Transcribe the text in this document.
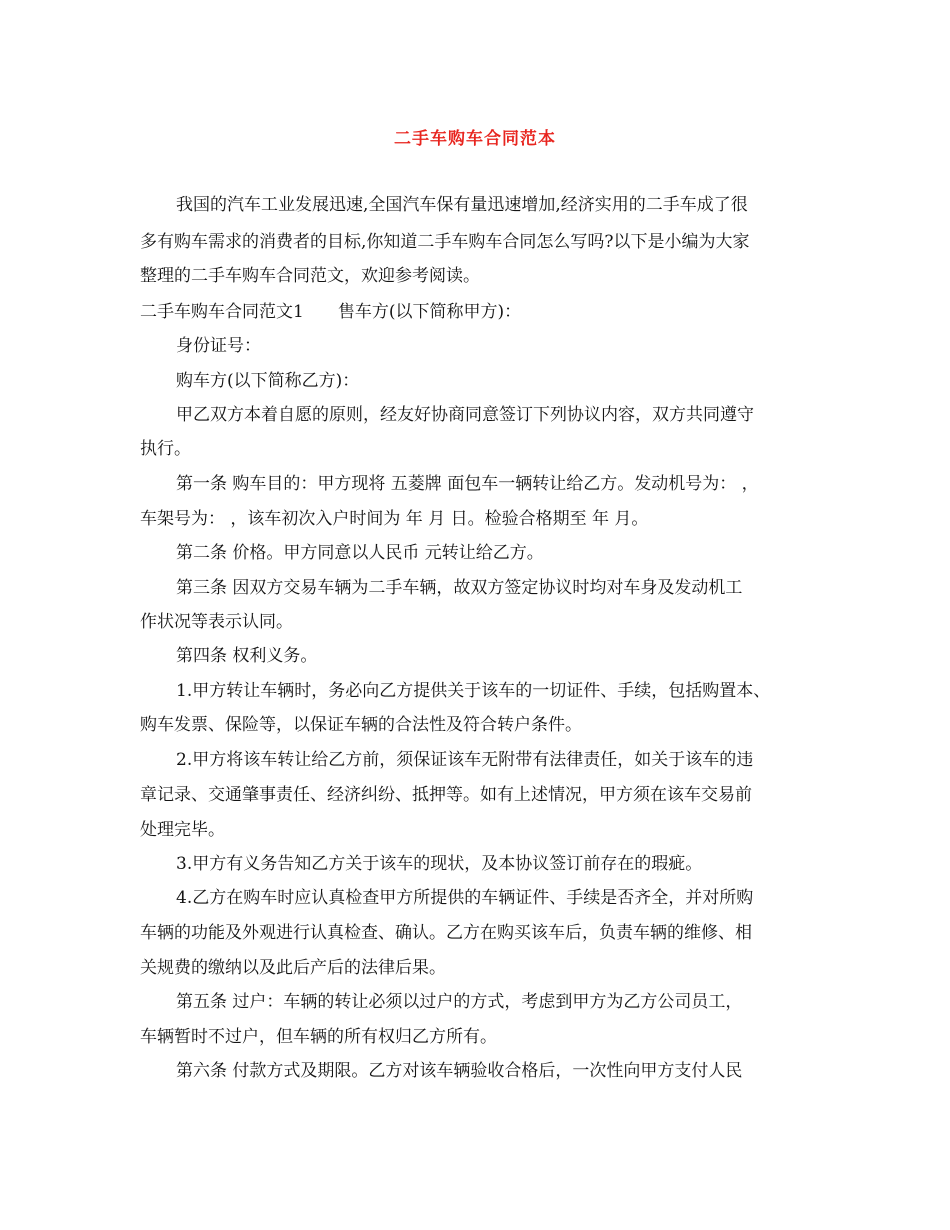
二手车购车合同范本
我国的汽车工业发展迅速,全国汽车保有量迅速增加,经济实用的二手车成了很
多有购车需求的消费者的目标,你知道二手车购车合同怎么写吗?以下是小编为大家
整理的二手车购车合同范文，欢迎参考阅读。
二手车购车合同范文1　　售车方(以下简称甲方)：
身份证号：
购车方(以下简称乙方)：
甲乙双方本着自愿的原则，经友好协商同意签订下列协议内容，双方共同遵守
执行。
第一条 购车目的：甲方现将 五菱牌 面包车一辆转让给乙方。发动机号为： ，
车架号为： ，该车初次入户时间为 年 月 日。检验合格期至 年 月。
第二条 价格。甲方同意以人民币 元转让给乙方。
第三条 因双方交易车辆为二手车辆，故双方签定协议时均对车身及发动机工
作状况等表示认同。
第四条 权利义务。
1.甲方转让车辆时，务必向乙方提供关于该车的一切证件、手续，包括购置本、
购车发票、保险等，以保证车辆的合法性及符合转户条件。
2.甲方将该车转让给乙方前，须保证该车无附带有法律责任，如关于该车的违
章记录、交通肇事责任、经济纠纷、抵押等。如有上述情况，甲方须在该车交易前
处理完毕。
3.甲方有义务告知乙方关于该车的现状，及本协议签订前存在的瑕疵。
4.乙方在购车时应认真检查甲方所提供的车辆证件、手续是否齐全，并对所购
车辆的功能及外观进行认真检查、确认。乙方在购买该车后，负责车辆的维修、相
关规费的缴纳以及此后产后的法律后果。
第五条 过户：车辆的转让必须以过户的方式，考虑到甲方为乙方公司员工，
车辆暂时不过户，但车辆的所有权归乙方所有。
第六条 付款方式及期限。乙方对该车辆验收合格后，一次性向甲方支付人民
